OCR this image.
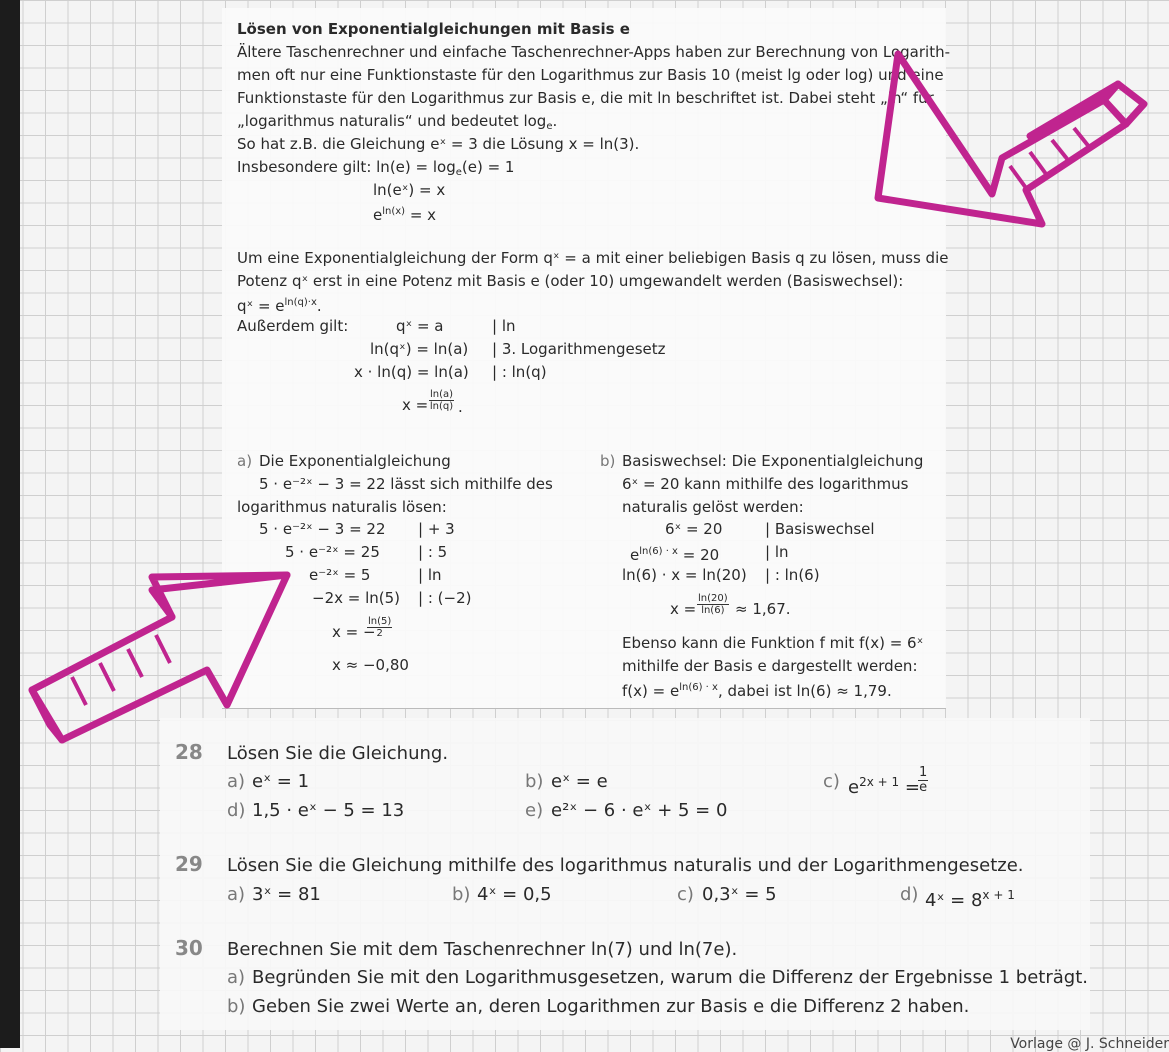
Lösen von Exponentialgleichungen mit Basis e
Ältere Taschenrechner und einfache Taschenrechner-Apps haben zur Berechnung von Logarith-
men oft nur eine Funktionstaste für den Logarithmus zur Basis 10 (meist lg oder log) und eine
Funktionstaste für den Logarithmus zur Basis e, die mit ln beschriftet ist. Dabei steht „ln“ für
„logarithmus naturalis“ und bedeutet $\log_e$.
So hat z.B. die Gleichung eˣ = 3 die Lösung x = ln(3).
Insbesondere gilt: $\ln(e) = \log_e(e) = 1$
ln(eˣ) = x
$e^{ln(x)} = x$
Um eine Exponentialgleichung der Form qˣ = a mit einer beliebigen Basis q zu lösen, muss die
Potenz qˣ erst in eine Potenz mit Basis e (oder 10) umgewandelt werden (Basiswechsel):
qˣ = $e^{ln(q)\cdot x}$.
Außerdem gilt:	qˣ = a	| ln
ln(qˣ) = ln(a) | 3. Logarithmengesetz
x · ln(q) = ln(a) | : ln(q)
$x = \frac{\ln(a)}{\ln(q)}$ .
a) Die Exponentialgleichung
5 · e⁻²ˣ − 3 = 22 lässt sich mithilfe des
logarithmus naturalis lösen:
5 · e⁻²ˣ − 3 = 22 | + 3
5 · e⁻²ˣ = 25	| : 5
e⁻²ˣ = 5	| ln
−2x = ln(5) | : (−2)
x = −
$\frac{\ln(5)}{2}$
x ≈ −0,80
b) Basiswechsel: Die Exponentialgleichung
6ˣ = 20 kann mithilfe des logarithmus
naturalis gelöst werden:
6ˣ = 20	| Basiswechsel
$e^{ln(6) \cdot x} = 20$	| ln
ln(6) · x = ln(20) | : ln(6)
$x = \frac{\ln(20)}{\ln(6)} \approx 1,67$.
Ebenso kann die Funktion f mit f(x) = 6ˣ
mithilfe der Basis e dargestellt werden:
$f(x) = e^{ln(6) \cdot x}$, dabei ist ln(6) ≈ 1,79.
28 Lösen Sie die Gleichung.
a) eˣ = 1	b) eˣ = e	c) $e^{2x + 1}$ =
$\frac{1}{e}$
d) 1,5 · eˣ − 5 = 13	e) e²ˣ − 6 · eˣ + 5 = 0
29 Lösen Sie die Gleichung mithilfe des logarithmus naturalis und der Logarithmengesetze.
a) 3ˣ = 81	b) 4ˣ = 0,5	c) 0,3ˣ = 5	d) 4ˣ = $8^{x + 1}$
30 Berechnen Sie mit dem Taschenrechner ln(7) und ln(7e).
a) Begründen Sie mit den Logarithmusgesetzen, warum die Differenz der Ergebnisse 1 beträgt.
b) Geben Sie zwei Werte an, deren Logarithmen zur Basis e die Differenz 2 haben.
Vorlage @ J. Schneider
